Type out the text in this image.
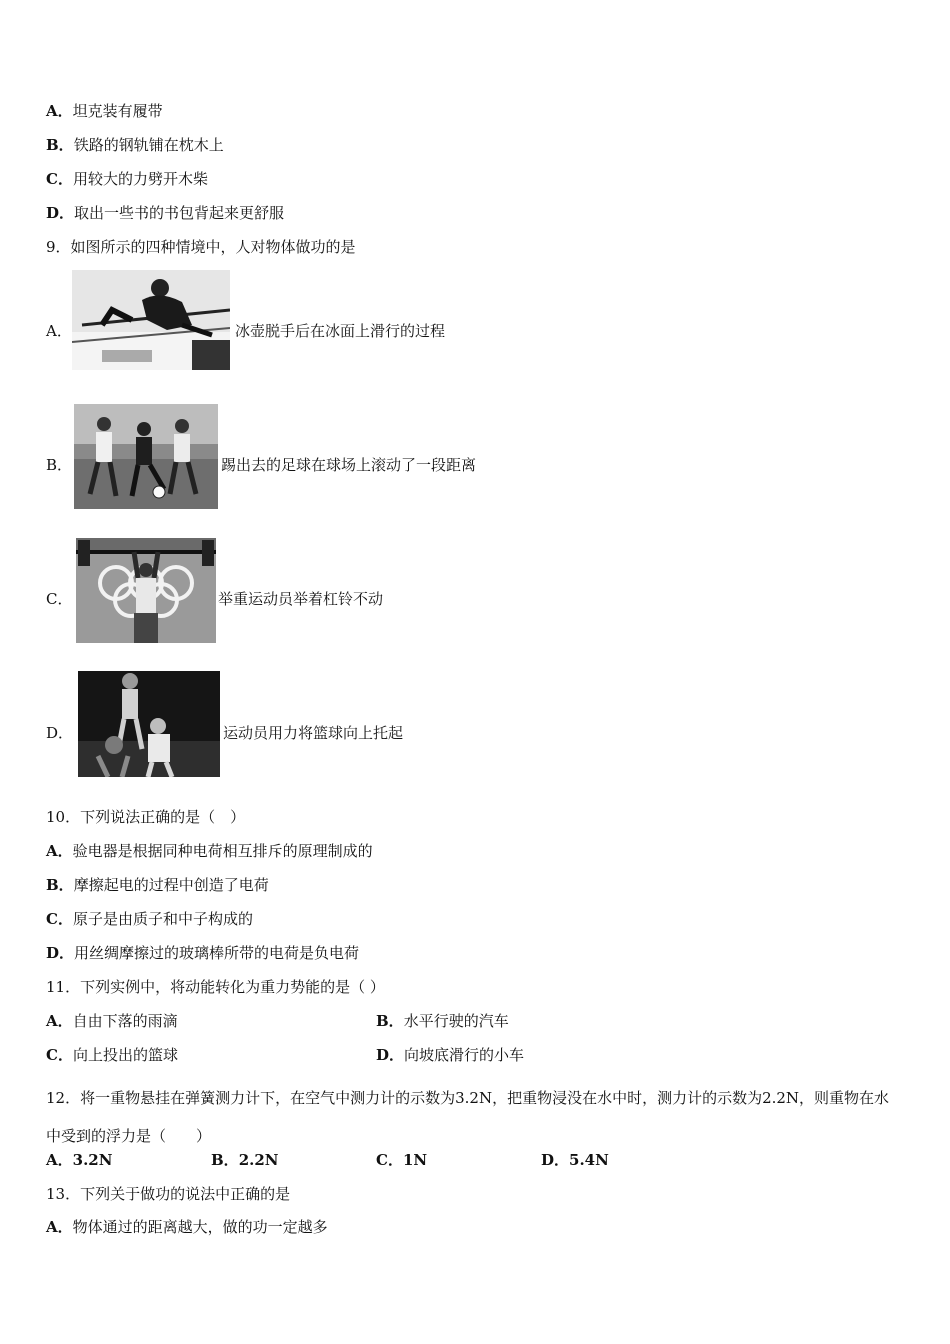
A．坦克装有履带
B．铁路的钢轨铺在枕木上
C．用较大的力劈开木柴
D．取出一些书的书包背起来更舒服
9．如图所示的四种情境中，人对物体做功的是
A．	冰壶脱手后在冰面上滑行的过程
B．	踢出去的足球在球场上滚动了一段距离
C．	举重运动员举着杠铃不动
D．	运动员用力将篮球向上托起
10．下列说法正确的是（　）
A．验电器是根据同种电荷相互排斥的原理制成的
B．摩擦起电的过程中创造了电荷
C．原子是由质子和中子构成的
D．用丝绸摩擦过的玻璃棒所带的电荷是负电荷
11．下列实例中，将动能转化为重力势能的是（ ）
A．自由下落的雨滴	B．水平行驶的汽车
C．向上投出的篮球	D．向坡底滑行的小车
12．将一重物悬挂在弹簧测力计下，在空气中测力计的示数为3.2N，把重物浸没在水中时，测力计的示数为2.2N，则重物在水中受到的浮力是（　　）
A．3.2N	B．2.2N	C．1N	D．5.4N
13．下列关于做功的说法中正确的是
A．物体通过的距离越大，做的功一定越多
